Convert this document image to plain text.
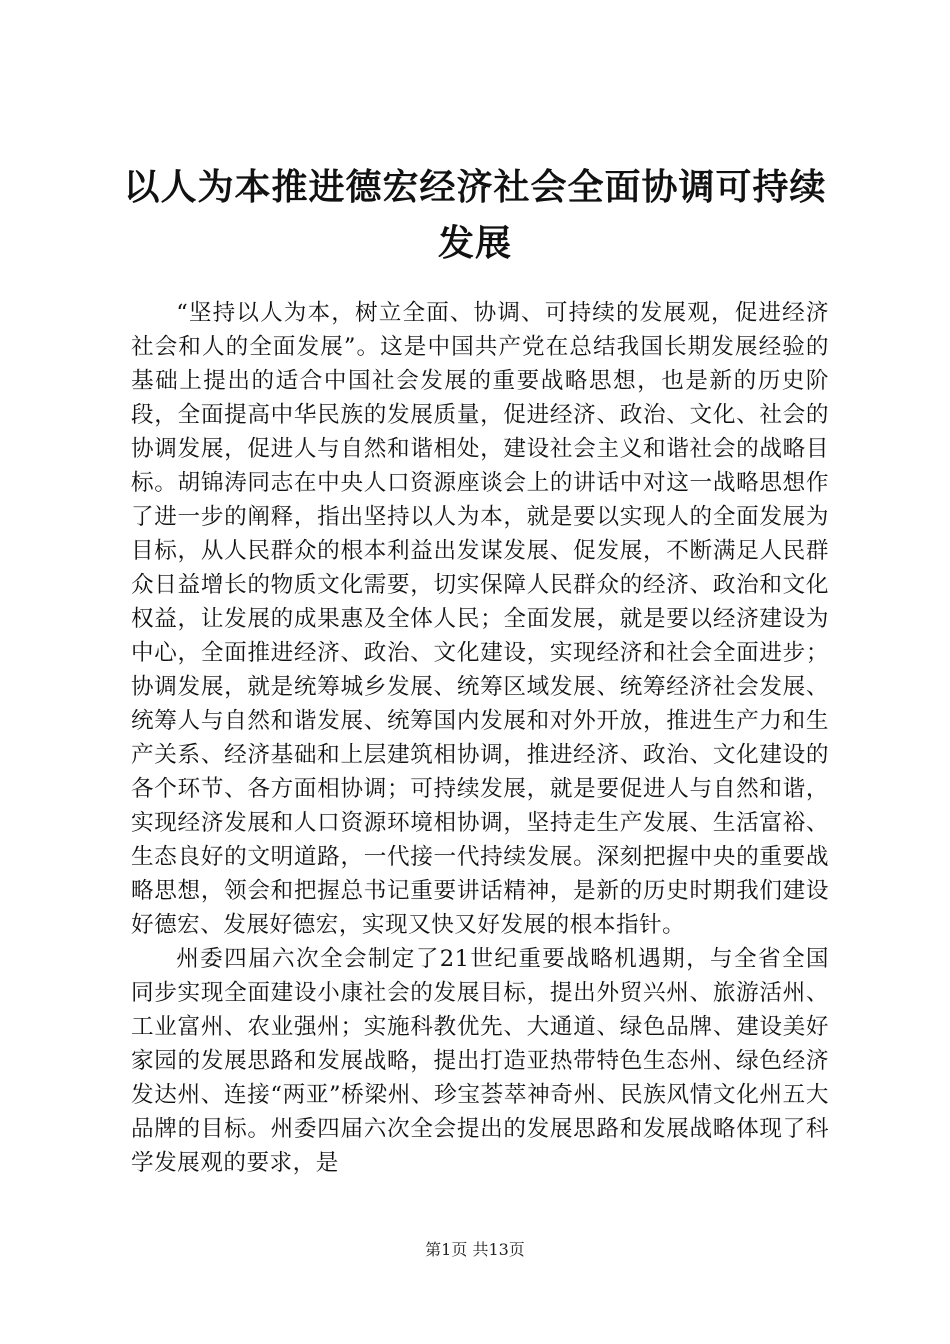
以人为本推进德宏经济社会全面协调可持续发展

“坚持以人为本，树立全面、协调、可持续的发展观，促进经济社会和人的全面发展”。这是中国共产党在总结我国长期发展经验的基础上提出的适合中国社会发展的重要战略思想，也是新的历史阶段，全面提高中华民族的发展质量，促进经济、政治、文化、社会的协调发展，促进人与自然和谐相处，建设社会主义和谐社会的战略目标。胡锦涛同志在中央人口资源座谈会上的讲话中对这一战略思想作了进一步的阐释，指出坚持以人为本，就是要以实现人的全面发展为目标，从人民群众的根本利益出发谋发展、促发展，不断满足人民群众日益增长的物质文化需要，切实保障人民群众的经济、政治和文化权益，让发展的成果惠及全体人民；全面发展，就是要以经济建设为中心，全面推进经济、政治、文化建设，实现经济和社会全面进步；协调发展，就是统筹城乡发展、统筹区域发展、统筹经济社会发展、统筹人与自然和谐发展、统筹国内发展和对外开放，推进生产力和生产关系、经济基础和上层建筑相协调，推进经济、政治、文化建设的各个环节、各方面相协调；可持续发展，就是要促进人与自然和谐，实现经济发展和人口资源环境相协调，坚持走生产发展、生活富裕、生态良好的文明道路，一代接一代持续发展。深刻把握中央的重要战略思想，领会和把握总书记重要讲话精神，是新的历史时期我们建设好德宏、发展好德宏，实现又快又好发展的根本指针。

州委四届六次全会制定了21世纪重要战略机遇期，与全省全国同步实现全面建设小康社会的发展目标，提出外贸兴州、旅游活州、工业富州、农业强州；实施科教优先、大通道、绿色品牌、建设美好家园的发展思路和发展战略，提出打造亚热带特色生态州、绿色经济发达州、连接“两亚”桥梁州、珍宝荟萃神奇州、民族风情文化州五大品牌的目标。州委四届六次全会提出的发展思路和发展战略体现了科学发展观的要求，是

第1页 共13页
